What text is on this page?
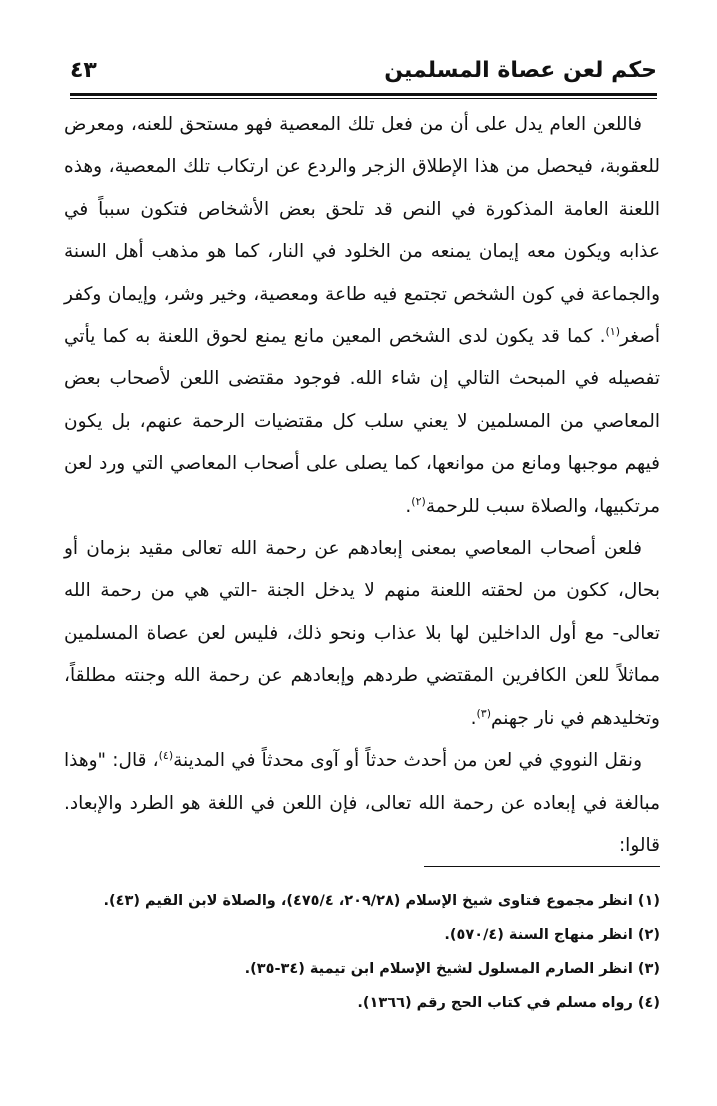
حكم لعن عصاة المسلمين
٤٣

فاللعن العام يدل على أن من فعل تلك المعصية فهو مستحق للعنه، ومعرض للعقوبة، فيحصل من هذا الإطلاق الزجر والردع عن ارتكاب تلك المعصية، وهذه اللعنة العامة المذكورة في النص قد تلحق بعض الأشخاص فتكون سبباً في عذابه ويكون معه إيمان يمنعه من الخلود في النار، كما هو مذهب أهل السنة والجماعة في كون الشخص تجتمع فيه طاعة ومعصية، وخير وشر، وإيمان وكفر أصغر$^{(١)}$. كما قد يكون لدى الشخص المعين مانع يمنع لحوق اللعنة به كما يأتي تفصيله في المبحث التالي إن شاء الله. فوجود مقتضى اللعن لأصحاب بعض المعاصي من المسلمين لا يعني سلب كل مقتضيات الرحمة عنهم، بل يكون فيهم موجبها ومانع من موانعها، كما يصلى على أصحاب المعاصي التي ورد لعن مرتكبيها، والصلاة سبب للرحمة$^{(٢)}$.

فلعن أصحاب المعاصي بمعنى إبعادهم عن رحمة الله تعالى مقيد بزمان أو بحال، ككون من لحقته اللعنة منهم لا يدخل الجنة -التي هي من رحمة الله تعالى- مع أول الداخلين لها بلا عذاب ونحو ذلك، فليس لعن عصاة المسلمين مماثلاً للعن الكافرين المقتضي طردهم وإبعادهم عن رحمة الله وجنته مطلقاً، وتخليدهم في نار جهنم$^{(٣)}$.

ونقل النووي في لعن من أحدث حدثاً أو آوى محدثاً في المدينة$^{(٤)}$، قال: "وهذا مبالغة في إبعاده عن رحمة الله تعالى، فإن اللعن في اللغة هو الطرد والإبعاد. قالوا:

(١) انظر مجموع فتاوى شيخ الإسلام (٢٠٩/٢٨، ٤٧٥/٤)، والصلاة لابن القيم (٤٣).

(٢) انظر منهاج السنة (٥٧٠/٤).

(٣) انظر الصارم المسلول لشيخ الإسلام ابن تيمية (٣٤-٣٥).

(٤) رواه مسلم في كتاب الحج رقم (١٣٦٦).
